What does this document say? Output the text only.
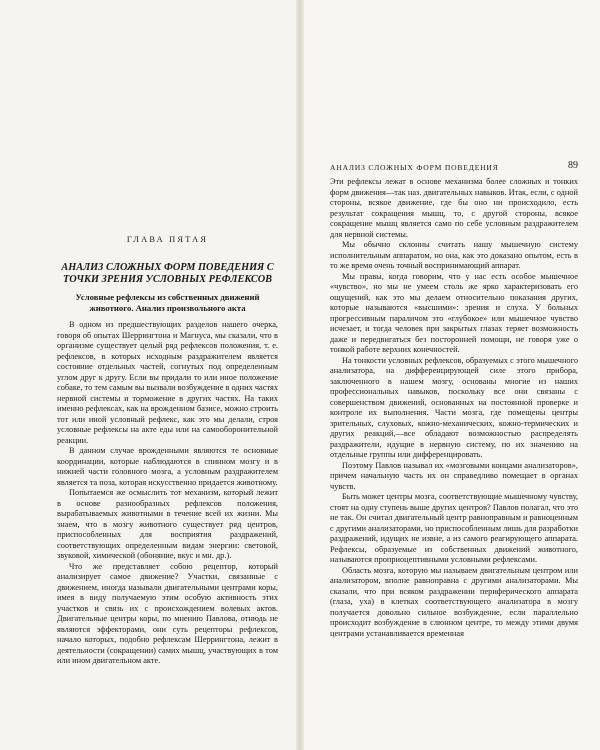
ГЛАВА ПЯТАЯ
АНАЛИЗ СЛОЖНЫХ ФОРМ ПОВЕДЕНИЯ С ТОЧКИ ЗРЕНИЯ УСЛОВНЫХ РЕФЛЕКСОВ
Условные рефлексы из собственных движений животного. Анализ произвольного акта

В одном из предшествующих разделов нашего очерка, говоря об опытах Шеррингтона и Магнуса, мы сказали, что в организме существует целый ряд рефлексов положения, т. е. рефлексов, в которых исходным раздражителем является состояние отдельных частей, согнутых под определенным углом друг к другу. Если вы придали то или иное положение собаке, то тем самым вы вызвали возбуждение в одних частях нервной системы и торможение в других частях. На таких именно рефлексах, как на врожденном базисе, можно строить тот или иной условный рефлекс, как это мы делали, строя условные рефлексы на акте еды или на самооборонительной реакции.

В данном случае врожденными являются те основные координации, которые наблюдаются в спинном мозгу и в нижней части головного мозга, а условным раздражителем является та поза, которая искусственно придается животному.

Попытаемся же осмыслить тот механизм, который лежит в основе разнообразных рефлексов положения, вырабатываемых животными в течение всей их жизни. Мы знаем, что в мозгу животного существует ряд центров, приспособленных для восприятия раздражений, соответствующих определенным видам энергии: световой, звуковой, химической (обоняние, вкус и мн. др.).

Что же представляет собою рецептор, который анализирует самое движение? Участки, связанные с движением, иногда называли двигательными центрами коры, имея в виду получаемую этим особую активность этих участков и связь их с происхождением волевых актов. Двигательные центры коры, по мнению Павлова, отнюдь не являются эффекторами, они суть рецепторы рефлексов, начало которых, подобно рефлексам Шеррингтона, лежит в деятельности (сокращении) самих мышц, участвующих в том или ином двигательном акте.

АНАЛИЗ СЛОЖНЫХ ФОРМ ПОВЕДЕНИЯ	89

Эти рефлексы лежат в основе механизма более сложных и тонких форм движения—так наз. двигательных навыков. Итак, если, с одной стороны, всякое движение, где бы оно ни происходило, есть результат сокращения мышц, то, с другой стороны, всякое сокращение мышц является само по себе условным раздражителем для нервной системы.

Мы обычно склонны считать нашу мышечную систему исполнительным аппаратом, но она, как это доказано опытом, есть в то же время очень точный воспринимающий аппарат.

Мы правы, когда говорим, что у нас есть особое мышечное «чувство», но мы не умеем столь же ярко характеризовать его ощущений, как это мы делаем относительно показания других, которые называются «высшими»: зрения и слуха. У больных прогрессивным параличом это «глубокое» или мышечное чувство исчезает, и тогда человек при закрытых глазах теряет возможность даже и передвигаться без посторонней помощи, не говоря уже о тонкой работе верхних конечностей.

На тонкости условных рефлексов, образуемых с этого мышечного анализатора, на дифференцирующей силе этого прибора, заключенного в нашем мозгу, основаны многие из наших профессиональных навыков, поскольку все они связаны с совершенством движений, основанных на постоянной проверке и контроле их выполнения. Части мозга, где помещены центры зрительных, слуховых, кожно-механических, кожно-термических и других реакций,—все обладают возможностью распределять раздражители, идущие в нервную систему, по их значению на отдельные группы или дифференцировать.

Поэтому Павлов называл их «мозговыми концами анализаторов», причем начальную часть их он справедливо помещает в органах чувств.

Быть может центры мозга, соответствующие мышечному чувству, стоят на одну ступень выше других центров? Павлов полагал, что это не так. Он считал двигательный центр равноправным и равноценным с другими анализаторами, но приспособленным лишь для разработки раздражений, идущих не извне, а из самого реагирующего аппарата. Рефлексы, образуемые из собственных движений животного, называются проприоцептивными условными рефлексами.

Область мозга, которую мы называем двигательным центром или анализатором, вполне равноправна с другими анализаторами. Мы сказали, что при всяком раздражении периферического аппарата (глаза, уха) в клетках соответствующего анализатора в мозгу получается довольно сильное возбуждение, если параллельно происходит возбуждение в слюнном центре, то между этими двумя центрами устанавливается временная
